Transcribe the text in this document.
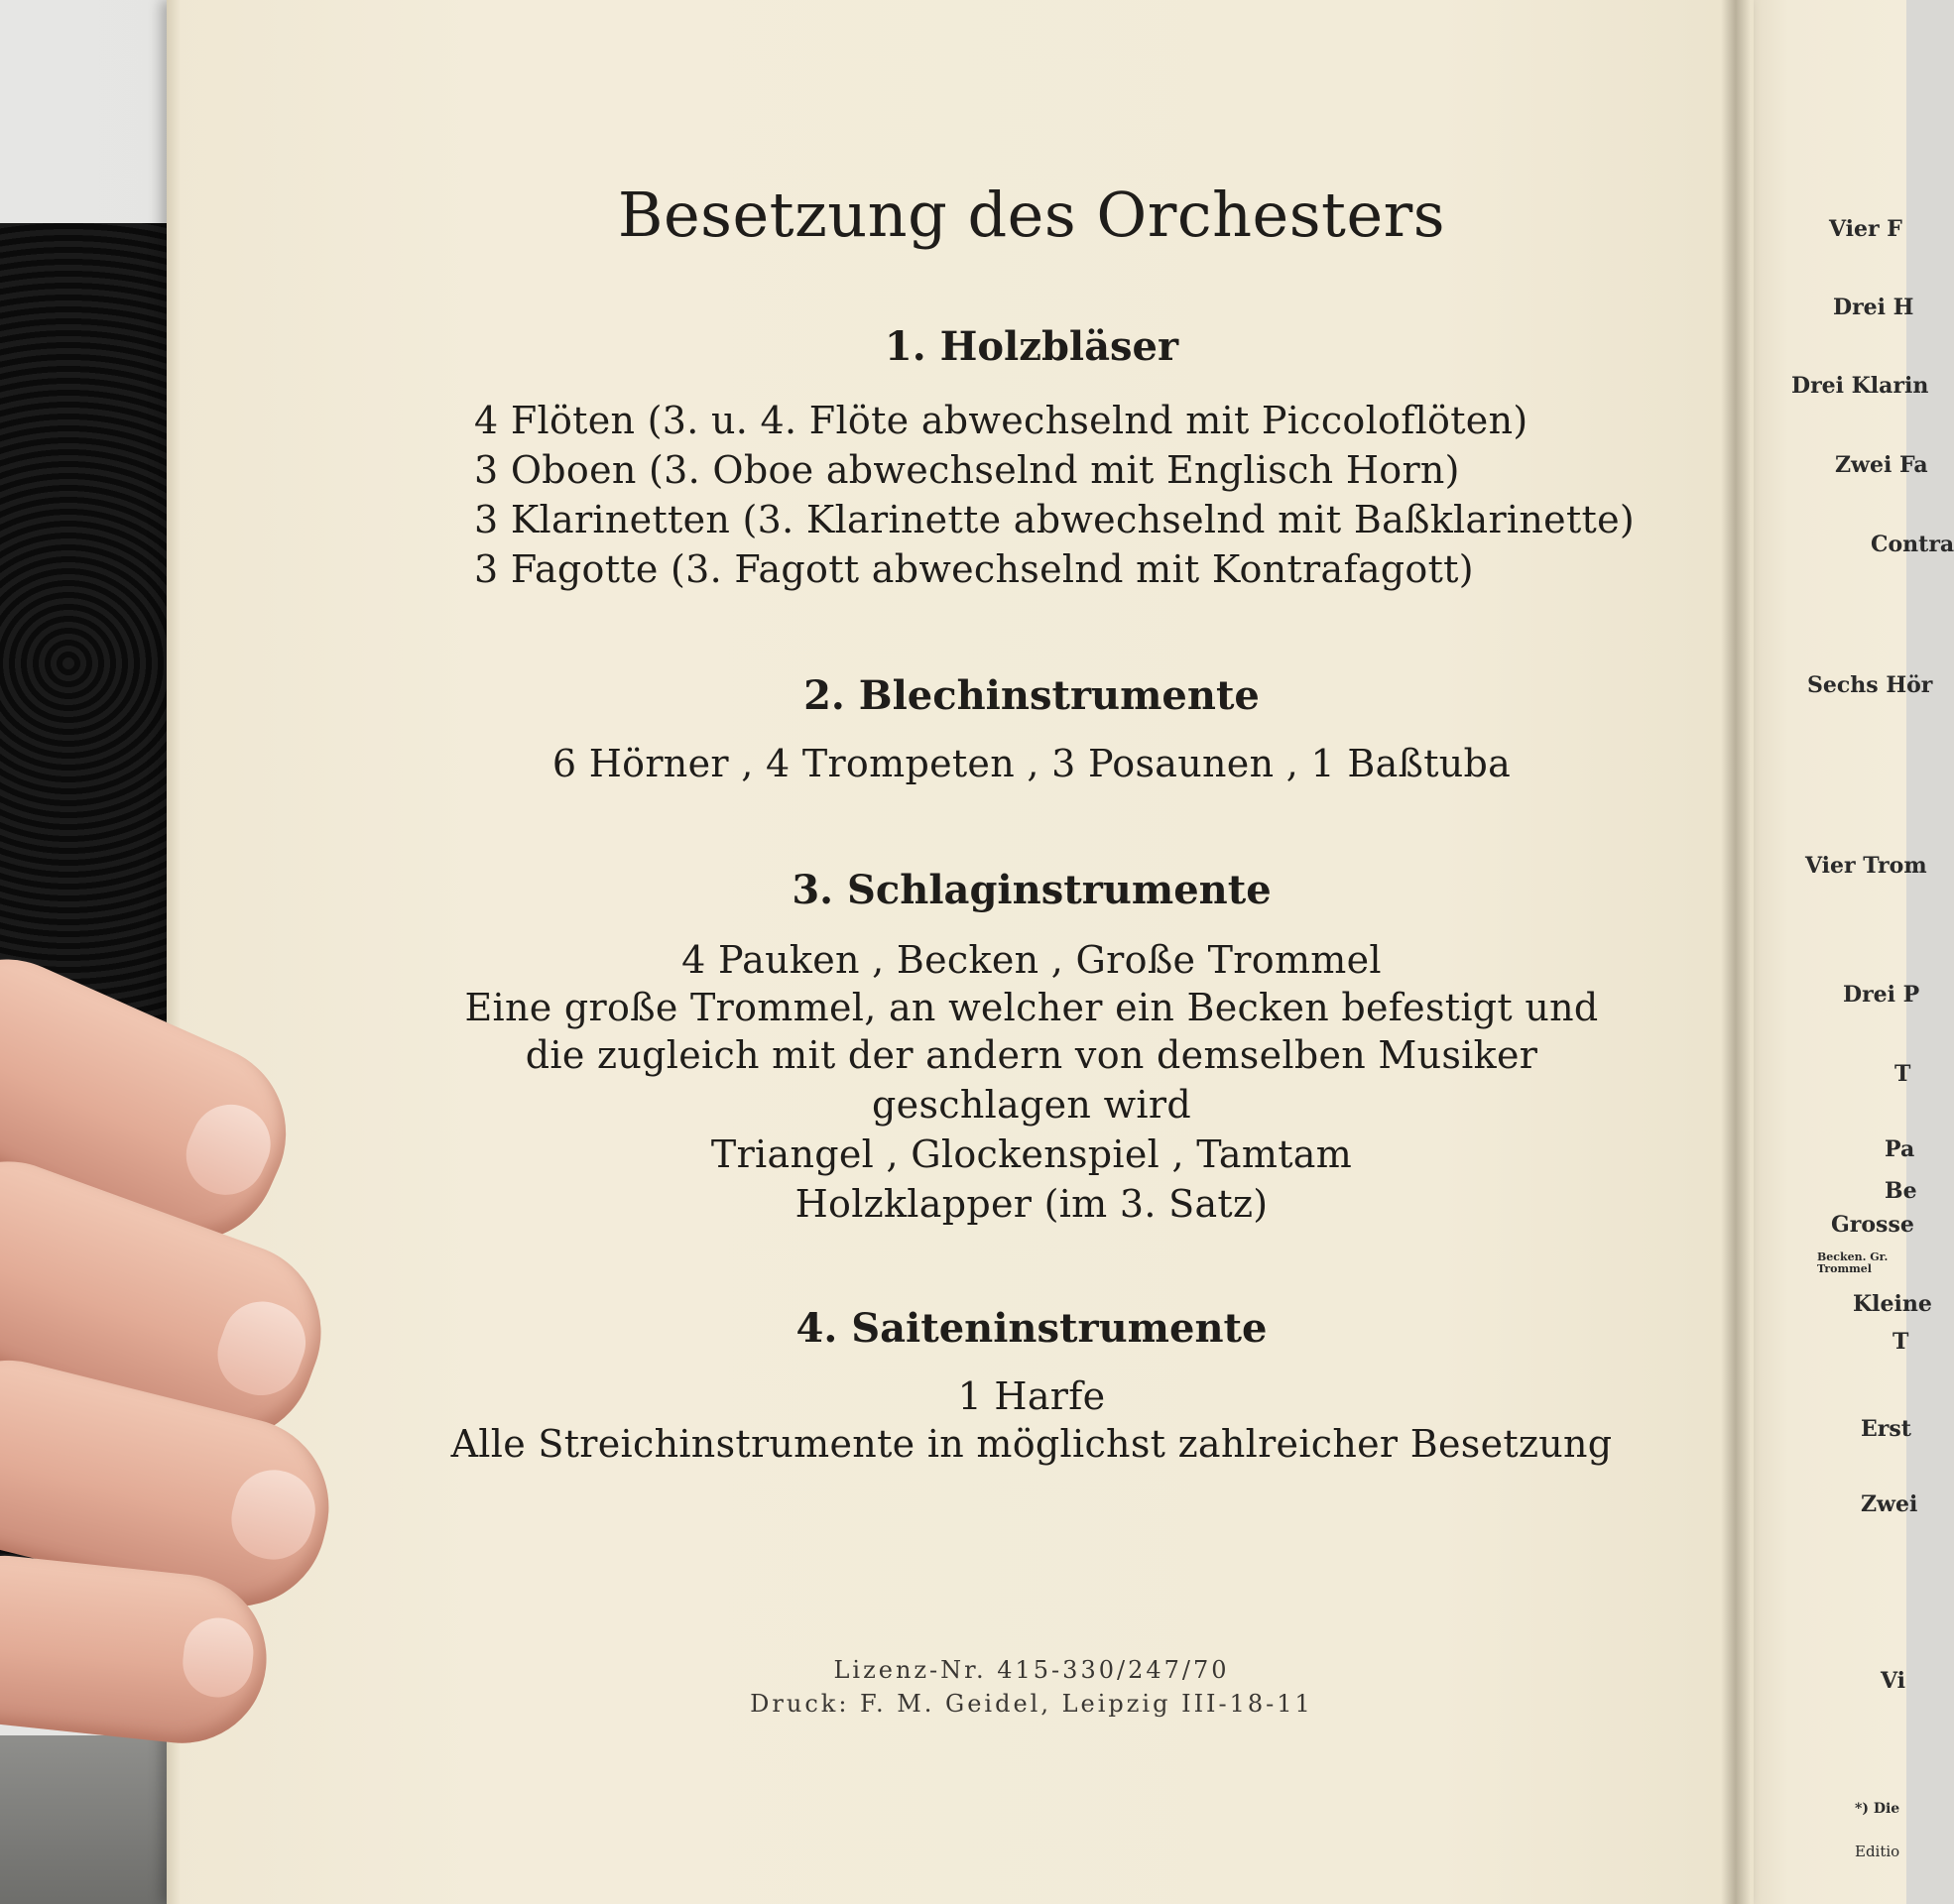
Vier F
Drei H
Drei Klarin
Zwei Fa
Contra
Sechs Hör
Vier Trom
Drei P
T
Pa
Be
Grosse
Becken. Gr. Trommel
Kleine
T
Erst
Zwei
Vi
*) Die
Editio
Besetzung des Orchesters
1. Holzbläser
4 Flöten (3. u. 4. Flöte abwechselnd mit Piccoloflöten)
3 Oboen (3. Oboe abwechselnd mit Englisch Horn)
3 Klarinetten (3. Klarinette abwechselnd mit Baßklarinette)
3 Fagotte (3. Fagott abwechselnd mit Kontrafagott)
2. Blechinstrumente
6 Hörner , 4 Trompeten , 3 Posaunen , 1 Baßtuba
3. Schlaginstrumente
4 Pauken , Becken , Große Trommel
Eine große Trommel, an welcher ein Becken befestigt und
die zugleich mit der andern von demselben Musiker
geschlagen wird
Triangel , Glockenspiel , Tamtam
Holzklapper (im 3. Satz)
4. Saiteninstrumente
1 Harfe
Alle Streichinstrumente in möglichst zahlreicher Besetzung
Lizenz-Nr. 415-330/247/70
Druck: F. M. Geidel, Leipzig III-18-11
